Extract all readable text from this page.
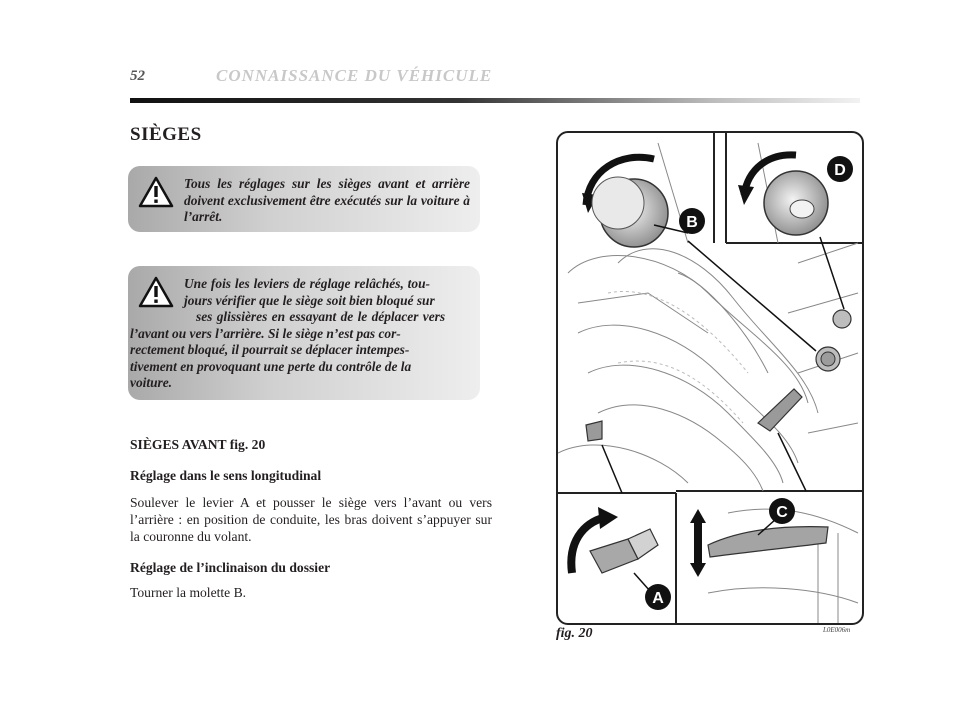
52	CONNAISSANCE DU VÉHICULE
SIÈGES
Tous les réglages sur les sièges avant et arrière doivent exclusivement être exécutés sur la voiture à l’arrêt.
Une fois les leviers de réglage relâchés, tou-
jours vérifier que le siège soit bien bloqué sur
ses glissières en essayant de le déplacer vers
l’avant ou vers l’arrière. Si le siège n’est pas cor-
rectement bloqué, il pourrait se déplacer intempes-
tivement en provoquant une perte du contrôle de la
voiture.
SIÈGES AVANT fig. 20
Réglage dans le sens longitudinal
Soulever le levier A et pousser le siège vers l’avant ou vers l’arrière : en position de conduite, les bras doivent s’appuyer sur la couronne du volant.
Réglage de l’inclinaison du dossier
Tourner la molette B.
B
D
A
C
fig. 20	L0E006m
